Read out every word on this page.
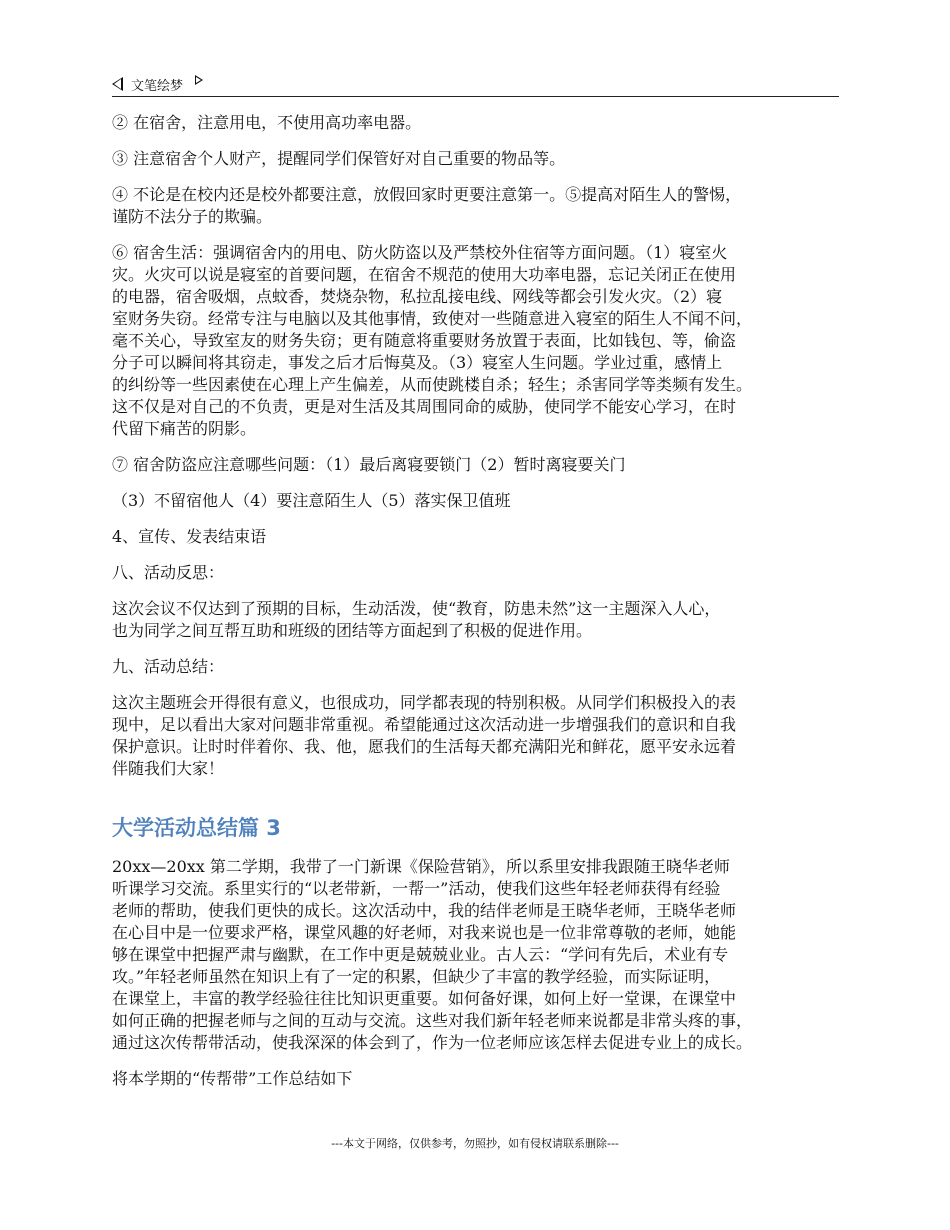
文笔绘梦

② 在宿舍，注意用电，不使用高功率电器。

③ 注意宿舍个人财产，提醒同学们保管好对自己重要的物品等。

④ 不论是在校内还是校外都要注意，放假回家时更要注意第一。⑤提高对陌生人的警惕，
谨防不法分子的欺骗。

⑥ 宿舍生活：强调宿舍内的用电、防火防盗以及严禁校外住宿等方面问题。（1）寝室火
灾。火灾可以说是寝室的首要问题，在宿舍不规范的使用大功率电器，忘记关闭正在使用
的电器，宿舍吸烟，点蚊香，焚烧杂物，私拉乱接电线、网线等都会引发火灾。（2）寝
室财务失窃。经常专注与电脑以及其他事情，致使对一些随意进入寝室的陌生人不闻不问，
毫不关心，导致室友的财务失窃；更有随意将重要财务放置于表面，比如钱包、等，偷盗
分子可以瞬间将其窃走，事发之后才后悔莫及。（3）寝室人生问题。学业过重，感情上
的纠纷等一些因素使在心理上产生偏差，从而使跳楼自杀；轻生；杀害同学等类频有发生。
这不仅是对自己的不负责，更是对生活及其周围同命的威胁，使同学不能安心学习，在时
代留下痛苦的阴影。

⑦ 宿舍防盗应注意哪些问题：（1）最后离寝要锁门（2）暂时离寝要关门

（3）不留宿他人（4）要注意陌生人（5）落实保卫值班

4、宣传、发表结束语

八、活动反思：

这次会议不仅达到了预期的目标，生动活泼，使“教育，防患未然”这一主题深入人心，
也为同学之间互帮互助和班级的团结等方面起到了积极的促进作用。

九、活动总结：

这次主题班会开得很有意义，也很成功，同学都表现的特别积极。从同学们积极投入的表
现中，足以看出大家对问题非常重视。希望能通过这次活动进一步增强我们的意识和自我
保护意识。让时时伴着你、我、他，愿我们的生活每天都充满阳光和鲜花，愿平安永远着
伴随我们大家！

大学活动总结篇 3

20xx—20xx 第二学期，我带了一门新课《保险营销》，所以系里安排我跟随王晓华老师
听课学习交流。系里实行的“以老带新，一帮一”活动，使我们这些年轻老师获得有经验
老师的帮助，使我们更快的成长。这次活动中，我的结伴老师是王晓华老师，王晓华老师
在心目中是一位要求严格，课堂风趣的好老师，对我来说也是一位非常尊敬的老师，她能
够在课堂中把握严肃与幽默，在工作中更是兢兢业业。古人云：“学问有先后，术业有专
攻。”年轻老师虽然在知识上有了一定的积累，但缺少了丰富的教学经验，而实际证明，
在课堂上，丰富的教学经验往往比知识更重要。如何备好课，如何上好一堂课，在课堂中
如何正确的把握老师与之间的互动与交流。这些对我们新年轻老师来说都是非常头疼的事，
通过这次传帮带活动，使我深深的体会到了，作为一位老师应该怎样去促进专业上的成长。

将本学期的“传帮带”工作总结如下

---本文于网络，仅供参考，勿照抄，如有侵权请联系删除---
